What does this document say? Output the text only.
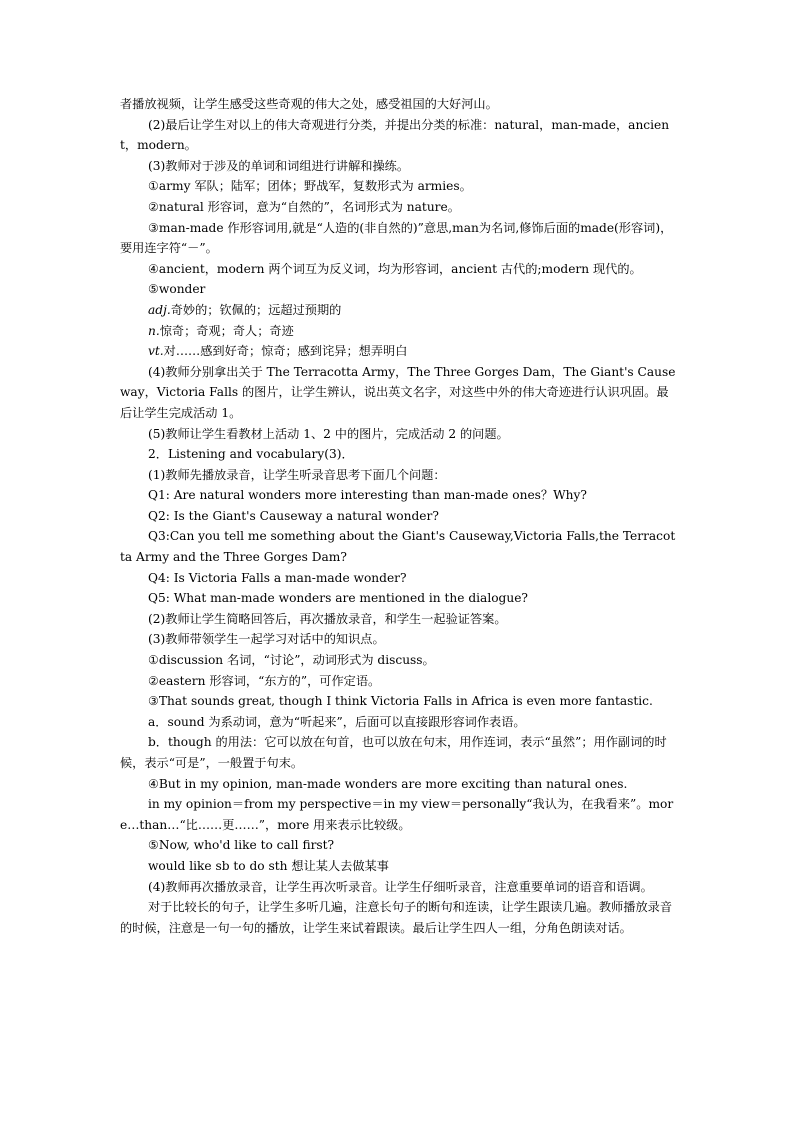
者播放视频，让学生感受这些奇观的伟大之处，感受祖国的大好河山。

(2)最后让学生对以上的伟大奇观进行分类，并提出分类的标准：natural，man-made，ancient，modern。

(3)教师对于涉及的单词和词组进行讲解和操练。

①army 军队；陆军；团体；野战军，复数形式为 armies。

②natural 形容词，意为“自然的”，名词形式为 nature。

③man-made 作形容词用,就是“人造的(非自然的)”意思,man为名词,修饰后面的made(形容词)，要用连字符“－”。

④ancient，modern 两个词互为反义词，均为形容词，ancient 古代的;modern 现代的。

⑤wonder

adj.奇妙的；钦佩的；远超过预期的

n.惊奇；奇观；奇人；奇迹

vt.对……感到好奇；惊奇；感到诧异；想弄明白

(4)教师分别拿出关于 The Terracotta Army，The Three Gorges Dam，The Giant's Causeway，Victoria Falls 的图片，让学生辨认，说出英文名字，对这些中外的伟大奇迹进行认识巩固。最后让学生完成活动 1。

(5)教师让学生看教材上活动 1、2 中的图片，完成活动 2 的问题。

2．Listening and vocabulary(3)．

(1)教师先播放录音，让学生听录音思考下面几个问题：

Q1: Are natural wonders more interesting than man-made ones？Why?

Q2: Is the Giant's Causeway a natural wonder?

Q3:Can you tell me something about the Giant's Causeway,Victoria Falls,the Terracotta Army and the Three Gorges Dam?

Q4: Is Victoria Falls a man-made wonder?

Q5: What man-made wonders are mentioned in the dialogue?

(2)教师让学生简略回答后，再次播放录音，和学生一起验证答案。

(3)教师带领学生一起学习对话中的知识点。

①discussion 名词，“讨论”，动词形式为 discuss。

②eastern 形容词，“东方的”，可作定语。

③That sounds great, though I think Victoria Falls in Africa is even more fantastic.

a．sound 为系动词，意为“听起来”，后面可以直接跟形容词作表语。

b．though 的用法：它可以放在句首，也可以放在句末，用作连词，表示“虽然”；用作副词的时候，表示“可是”，一般置于句末。

④But in my opinion, man-made wonders are more exciting than natural ones.

in my opinion＝from my perspective＝in my view＝personally“我认为，在我看来”。more…than…“比……更……”，more 用来表示比较级。

⑤Now, who'd like to call first?

would like sb to do sth 想让某人去做某事

(4)教师再次播放录音，让学生再次听录音。让学生仔细听录音，注意重要单词的语音和语调。

对于比较长的句子，让学生多听几遍，注意长句子的断句和连读，让学生跟读几遍。教师播放录音的时候，注意是一句一句的播放，让学生来试着跟读。最后让学生四人一组，分角色朗读对话。
